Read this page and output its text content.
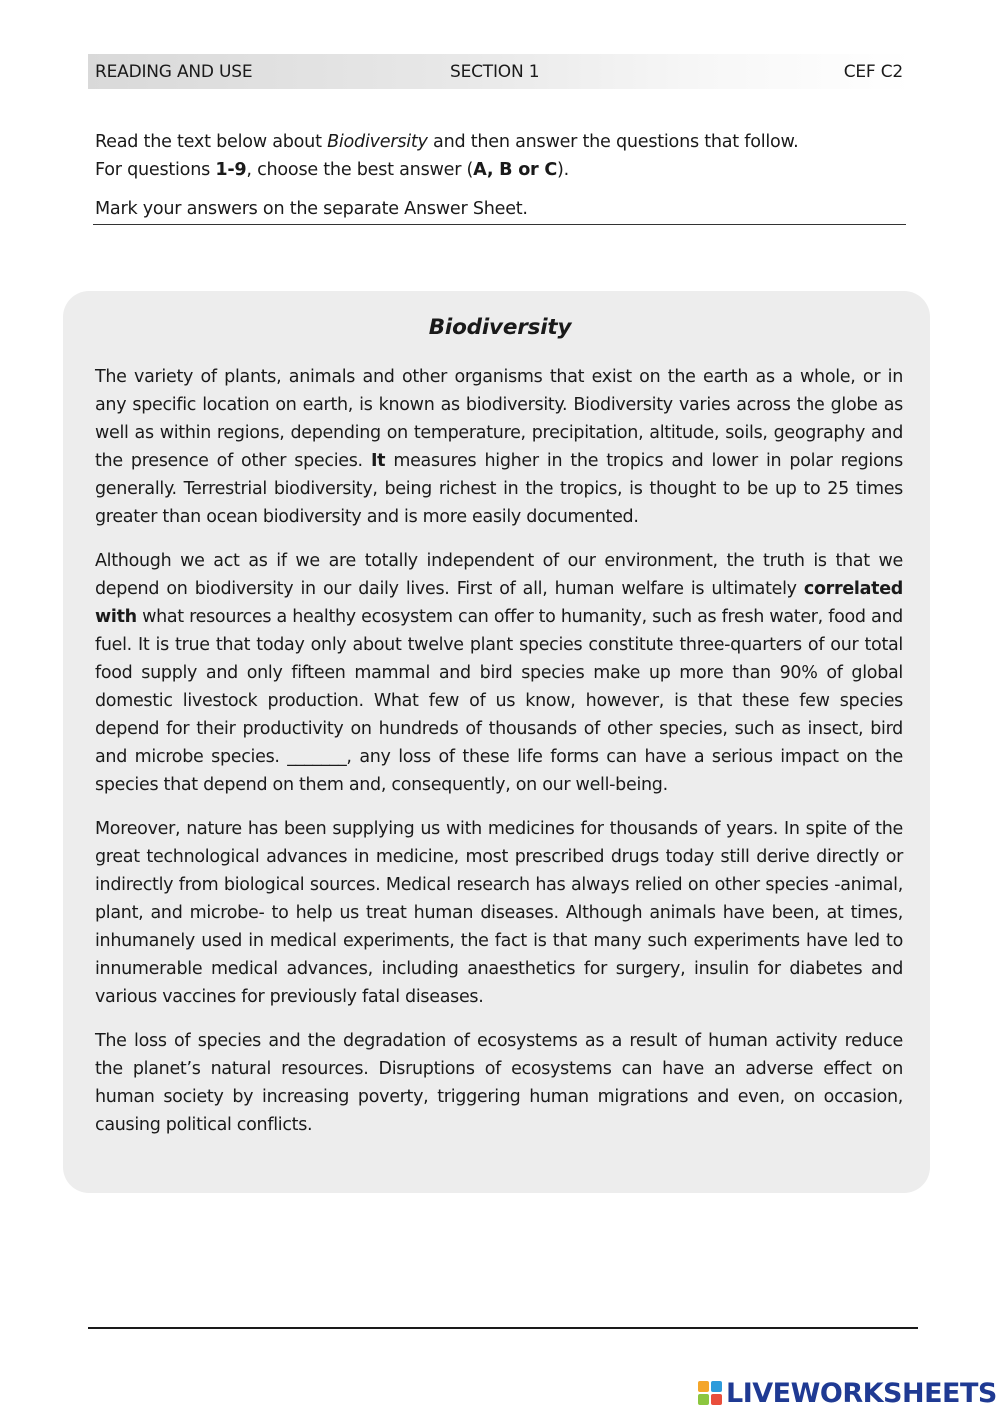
READING AND USE	SECTION 1	CEF C2

Read the text below about Biodiversity and then answer the questions that follow.

For questions 1-9, choose the best answer (A, B or C).

Mark your answers on the separate Answer Sheet.

Biodiversity

The variety of plants, animals and other organisms that exist on the earth as a whole, or in any specific location on earth, is known as biodiversity. Biodiversity varies across the globe as well as within regions, depending on temperature, precipitation, altitude, soils, geography and the presence of other species. It measures higher in the tropics and lower in polar regions generally. Terrestrial biodiversity, being richest in the tropics, is thought to be up to 25 times greater than ocean biodiversity and is more easily documented.

Although we act as if we are totally independent of our environment, the truth is that we depend on biodiversity in our daily lives. First of all, human welfare is ultimately correlated with what resources a healthy ecosystem can offer to humanity, such as fresh water, food and fuel. It is true that today only about twelve plant species constitute three-quarters of our total food supply and only fifteen mammal and bird species make up more than 90% of global domestic livestock production. What few of us know, however, is that these few species depend for their productivity on hundreds of thousands of other species, such as insect, bird and microbe species. _______, any loss of these life forms can have a serious impact on the species that depend on them and, consequently, on our well-being.

Moreover, nature has been supplying us with medicines for thousands of years. In spite of the great technological advances in medicine, most prescribed drugs today still derive directly or indirectly from biological sources. Medical research has always relied on other species -animal, plant, and microbe- to help us treat human diseases. Although animals have been, at times, inhumanely used in medical experiments, the fact is that many such experiments have led to innumerable medical advances, including anaesthetics for surgery, insulin for diabetes and various vaccines for previously fatal diseases.

The loss of species and the degradation of ecosystems as a result of human activity reduce the planet’s natural resources. Disruptions of ecosystems can have an adverse effect on human society by increasing poverty, triggering human migrations and even, on occasion, causing political conflicts.

LIVEWORKSHEETS
